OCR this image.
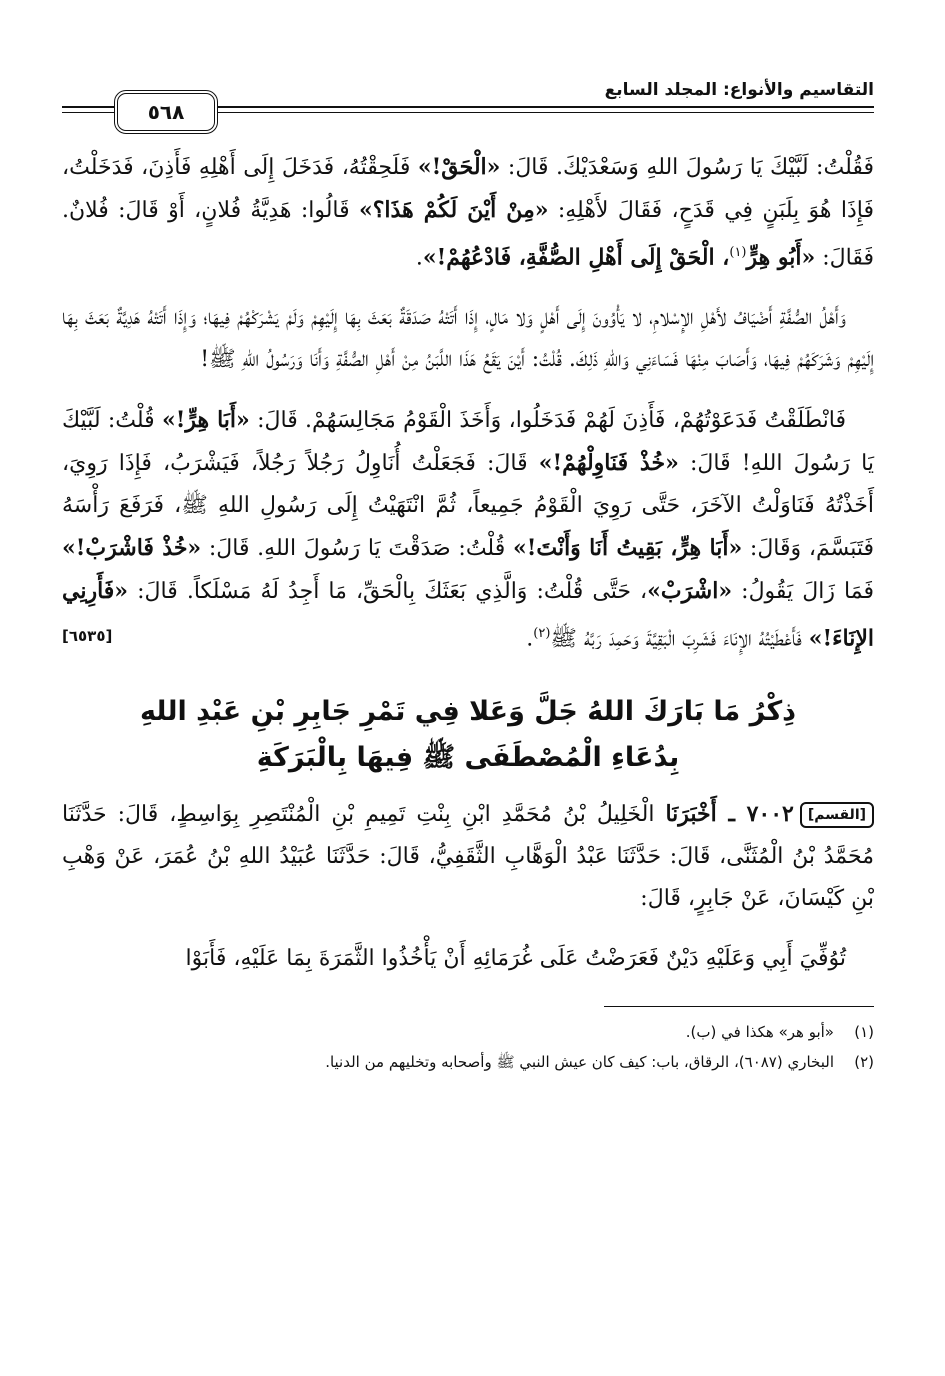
التقاسيم والأنواع: المجلد السابع
٥٦٨

فَقُلْتُ: لَبَّيْكَ يَا رَسُولَ اللهِ وَسَعْدَيْكَ. قَالَ: «الْحَقْ!» فَلَحِقْتُهُ، فَدَخَلَ إِلَى أَهْلِهِ فَأَذِنَ، فَدَخَلْتُ، فَإِذَا هُوَ بِلَبَنٍ فِي قَدَحٍ، فَقَالَ لأَهْلِهِ: «مِنْ أَيْنَ لَكُمْ هَذَا؟» قَالُوا: هَدِيَّةُ فُلانٍ، أَوْ قَالَ: فُلانٌ. فَقَالَ: «أَبُو هِرٍّ$^{(١)}$، الْحَقْ إِلَى أَهْلِ الصُّفَّةِ، فَادْعُهُمْ!».

وَأَهْلُ الصُّفَّةِ أَضْيَافُ لأَهْلِ الإِسْلامِ، لا يَأْوُونَ إِلَى أَهْلٍ وَلا مَالٍ، إِذَا أَتَتْهُ صَدَقَةٌ بَعَثَ بِهَا إِلَيْهِمْ وَلَمْ يَشْرَكْهُمْ فِيهَا؛ وَإِذَا أَتَتْهُ هَدِيَّةٌ بَعَثَ بِهَا إِلَيْهِمْ وَشَرَكَهُمْ فِيهَا، وَأَصَابَ مِنْهَا فَسَاءَنِي وَاللهِ ذَلِكَ. قُلْتُ: أَيْنَ يَقَعُ هَذَا اللَّبَنُ مِنْ أَهْلِ الصُّفَّةِ وَأَنَا وَرَسُولُ اللهِ ﷺ!

فَانْطَلَقْتُ فَدَعَوْتُهُمْ، فَأَذِنَ لَهُمْ فَدَخَلُوا، وَأَخَذَ الْقَوْمُ مَجَالِسَهُمْ. قَالَ: «أَبَا هِرٍّ!» قُلْتُ: لَبَّيْكَ يَا رَسُولَ اللهِ! قَالَ: «خُذْ فَنَاوِلْهُمْ!» قَالَ: فَجَعَلْتُ أُنَاوِلُ رَجُلاً رَجُلاً، فَيَشْرَبُ، فَإِذَا رَوِيَ، أَخَذْتُهُ فَنَاوَلْتُ الآخَرَ، حَتَّى رَوِيَ الْقَوْمُ جَمِيعاً، ثُمَّ انْتَهَيْتُ إِلَى رَسُولِ اللهِ ﷺ، فَرَفَعَ رَأْسَهُ فَتَبَسَّمَ، وَقَالَ: «أَبَا هِرٍّ، بَقِيتُ أَنَا وَأَنْتَ!» قُلْتُ: صَدَقْتَ يَا رَسُولَ اللهِ. قَالَ: «خُذْ فَاشْرَبْ!» فَمَا زَالَ يَقُولُ: «اشْرَبْ»، حَتَّى قُلْتُ: وَالَّذِي بَعَثَكَ بِالْحَقِّ، مَا أَجِدُ لَهُ مَسْلَكاً. قَالَ: «فَأَرِنِي الإِنَاءَ!» فَأَعْطَيْتُهُ الإِنَاءَ فَشَرِبَ الْبَقِيَّةَ وَحَمِدَ رَبَّهُ ﷺ$^{(٢)}$.
[٦٥٣٥]

ذِكْرُ مَا بَارَكَ اللهُ جَلَّ وَعَلا فِي تَمْرِ جَابِرِ بْنِ عَبْدِ اللهِ
بِدُعَاءِ الْمُصْطَفَى ﷺ فِيهَا بِالْبَرَكَةِ

[القسم]٧٠٠٢ ـ أَخْبَرَنَا الْخَلِيلُ بْنُ مُحَمَّدِ ابْنِ بِنْتِ تَمِيمِ بْنِ الْمُنْتَصِرِ بِوَاسِطٍ، قَالَ: حَدَّثَنَا مُحَمَّدُ بْنُ الْمُثَنَّى، قَالَ: حَدَّثَنَا عَبْدُ الْوَهَّابِ الثَّقَفِيُّ، قَالَ: حَدَّثَنَا عُبَيْدُ اللهِ بْنُ عُمَرَ، عَنْ وَهْبِ بْنِ كَيْسَانَ، عَنْ جَابِرٍ، قَالَ:

تُوُفِّيَ أَبِي وَعَلَيْهِ دَيْنٌ فَعَرَضْتُ عَلَى غُرَمَائِهِ أَنْ يَأْخُذُوا الثَّمَرَةَ بِمَا عَلَيْهِ، فَأَبَوْا

(١)«أبو هر» هكذا في (ب).
(٢)البخاري (٦٠٨٧)، الرقاق، باب: كيف كان عيش النبي ﷺ وأصحابه وتخليهم من الدنيا.
